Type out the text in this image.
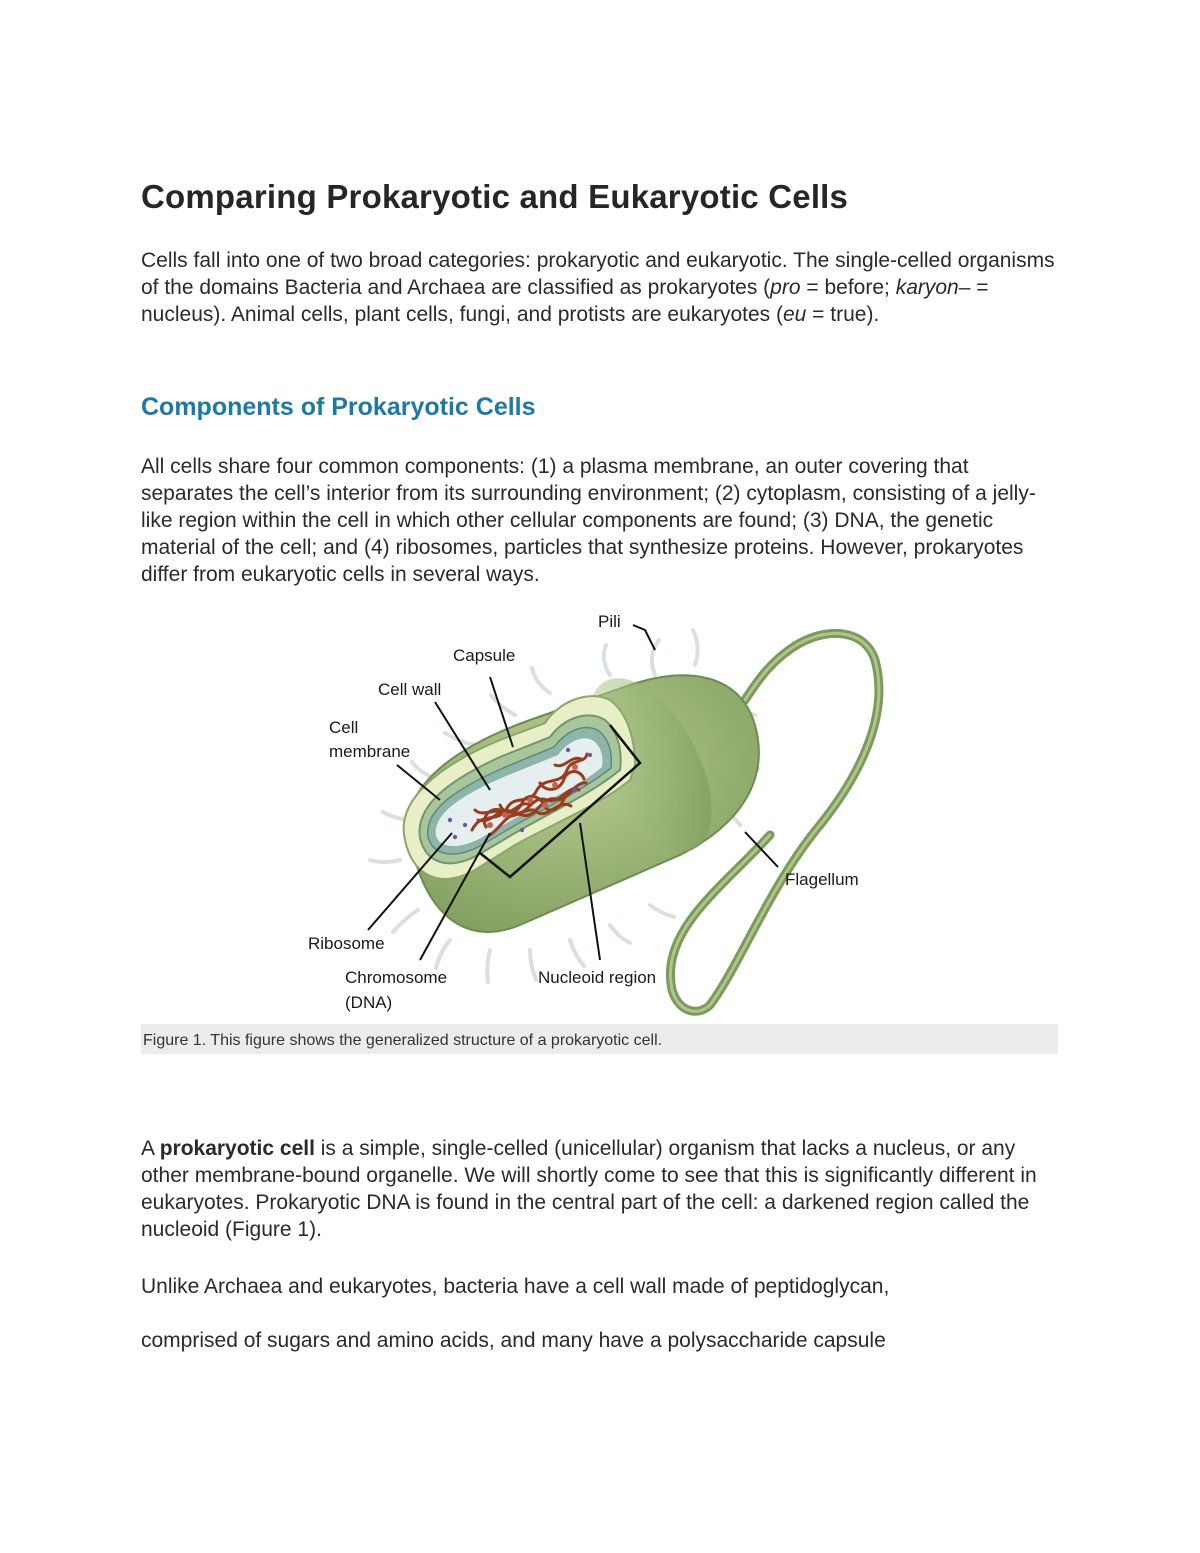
Comparing Prokaryotic and Eukaryotic Cells

Cells fall into one of two broad categories: prokaryotic and eukaryotic. The single-celled organisms of the domains Bacteria and Archaea are classified as prokaryotes (pro = before; karyon– = nucleus). Animal cells, plant cells, fungi, and protists are eukaryotes (eu = true).

Components of Prokaryotic Cells

All cells share four common components: (1) a plasma membrane, an outer covering that separates the cell’s interior from its surrounding environment; (2) cytoplasm, consisting of a jelly-like region within the cell in which other cellular components are found; (3) DNA, the genetic material of the cell; and (4) ribosomes, particles that synthesize proteins. However, prokaryotes differ from eukaryotic cells in several ways.

Pili
Capsule
Cell wall
Cell
membrane
Flagellum
Ribosome
Chromosome
(DNA)
Nucleoid region
Figure 1. This figure shows the generalized structure of a prokaryotic cell.

A prokaryotic cell is a simple, single-celled (unicellular) organism that lacks a nucleus, or any other membrane-bound organelle. We will shortly come to see that this is significantly different in eukaryotes. Prokaryotic DNA is found in the central part of the cell: a darkened region called the nucleoid (Figure 1).

Unlike Archaea and eukaryotes, bacteria have a cell wall made of peptidoglycan,

comprised of sugars and amino acids, and many have a polysaccharide capsule
